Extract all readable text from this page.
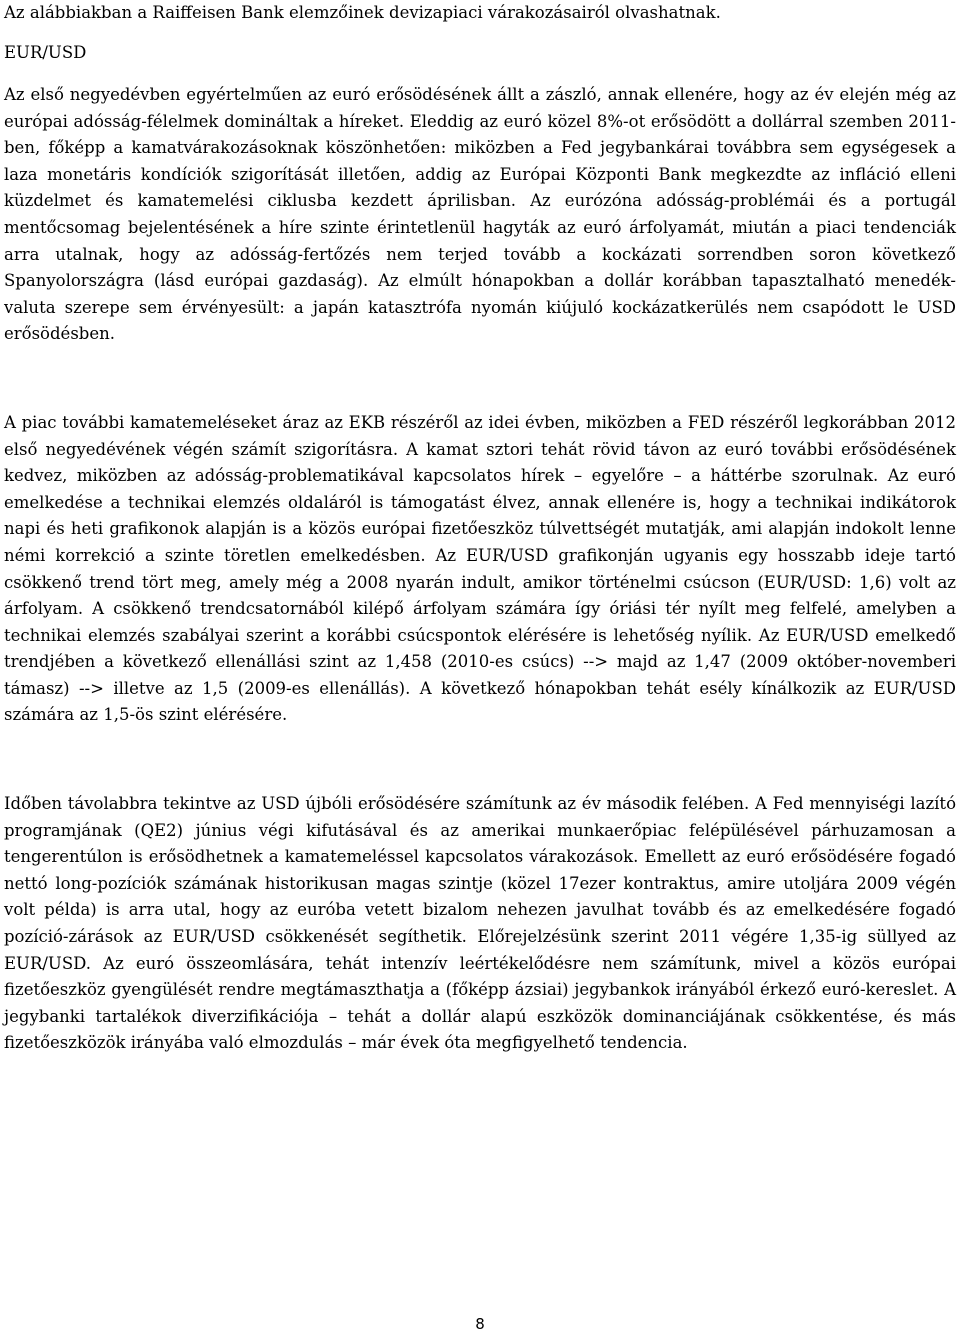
Az alábbiakban a Raiffeisen Bank elemzőinek devizapiaci várakozásairól olvashatnak.

EUR/USD

Az első negyedévben egyértelműen az euró erősödésének állt a zászló, annak ellenére, hogy az év elején még az európai adósság-félelmek domináltak a híreket. Eleddig az euró közel 8%-ot erősödött a dollárral szemben 2011-ben, főképp a kamatvárakozásoknak köszönhetően: miközben a Fed jegybankárai továbbra sem egységesek a laza monetáris kondíciók szigorítását illetően, addig az Európai Központi Bank megkezdte az infláció elleni küzdelmet és kamatemelési ciklusba kezdett áprilisban. Az eurózóna adósság-problémái és a portugál mentőcsomag bejelentésének a híre szinte érintetlenül hagyták az euró árfolyamát, miután a piaci tendenciák arra utalnak, hogy az adósság-fertőzés nem terjed tovább a kockázati sorrendben soron következő Spanyolországra (lásd európai gazdaság). Az elmúlt hónapokban a dollár korábban tapasztalható menedék-valuta szerepe sem érvényesült: a japán katasztrófa nyomán kiújuló kockázatkerülés nem csapódott le USD erősödésben.

A piac további kamatemeléseket áraz az EKB részéről az idei évben, miközben a FED részéről legkorábban 2012 első negyedévének végén számít szigorításra. A kamat sztori tehát rövid távon az euró további erősödésének kedvez, miközben az adósság-problematikával kapcsolatos hírek – egyelőre – a háttérbe szorulnak. Az euró emelkedése a technikai elemzés oldaláról is támogatást élvez, annak ellenére is, hogy a technikai indikátorok napi és heti grafikonok alapján is a közös európai fizetőeszköz túlvettségét mutatják, ami alapján indokolt lenne némi korrekció a szinte töretlen emelkedésben. Az EUR/USD grafikonján ugyanis egy hosszabb ideje tartó csökkenő trend tört meg, amely még a 2008 nyarán indult, amikor történelmi csúcson (EUR/USD: 1,6) volt az árfolyam. A csökkenő trendcsatornából kilépő árfolyam számára így óriási tér nyílt meg felfelé, amelyben a technikai elemzés szabályai szerint a korábbi csúcspontok elérésére is lehetőség nyílik. Az EUR/USD emelkedő trendjében a következő ellenállási szint az 1,458 (2010-es csúcs) --> majd az 1,47 (2009 október-novemberi támasz) --> illetve az 1,5 (2009-es ellenállás). A következő hónapokban tehát esély kínálkozik az EUR/USD számára az 1,5-ös szint elérésére.

Időben távolabbra tekintve az USD újbóli erősödésére számítunk az év második felében. A Fed mennyiségi lazító programjának (QE2) június végi kifutásával és az amerikai munkaerőpiac felépülésével párhuzamosan a tengerentúlon is erősödhetnek a kamatemeléssel kapcsolatos várakozások. Emellett az euró erősödésére fogadó nettó long-pozíciók számának historikusan magas szintje (közel 17ezer kontraktus, amire utoljára 2009 végén volt példa) is arra utal, hogy az euróba vetett bizalom nehezen javulhat tovább és az emelkedésére fogadó pozíció-zárások az EUR/USD csökkenését segíthetik. Előrejelzésünk szerint 2011 végére 1,35-ig süllyed az EUR/USD. Az euró összeomlására, tehát intenzív leértékelődésre nem számítunk, mivel a közös európai fizetőeszköz gyengülését rendre megtámaszthatja a (főképp ázsiai) jegybankok irányából érkező euró-kereslet. A jegybanki tartalékok diverzifikációja – tehát a dollár alapú eszközök dominanciájának csökkentése, és más fizetőeszközök irányába való elmozdulás – már évek óta megfigyelhető tendencia.

8
